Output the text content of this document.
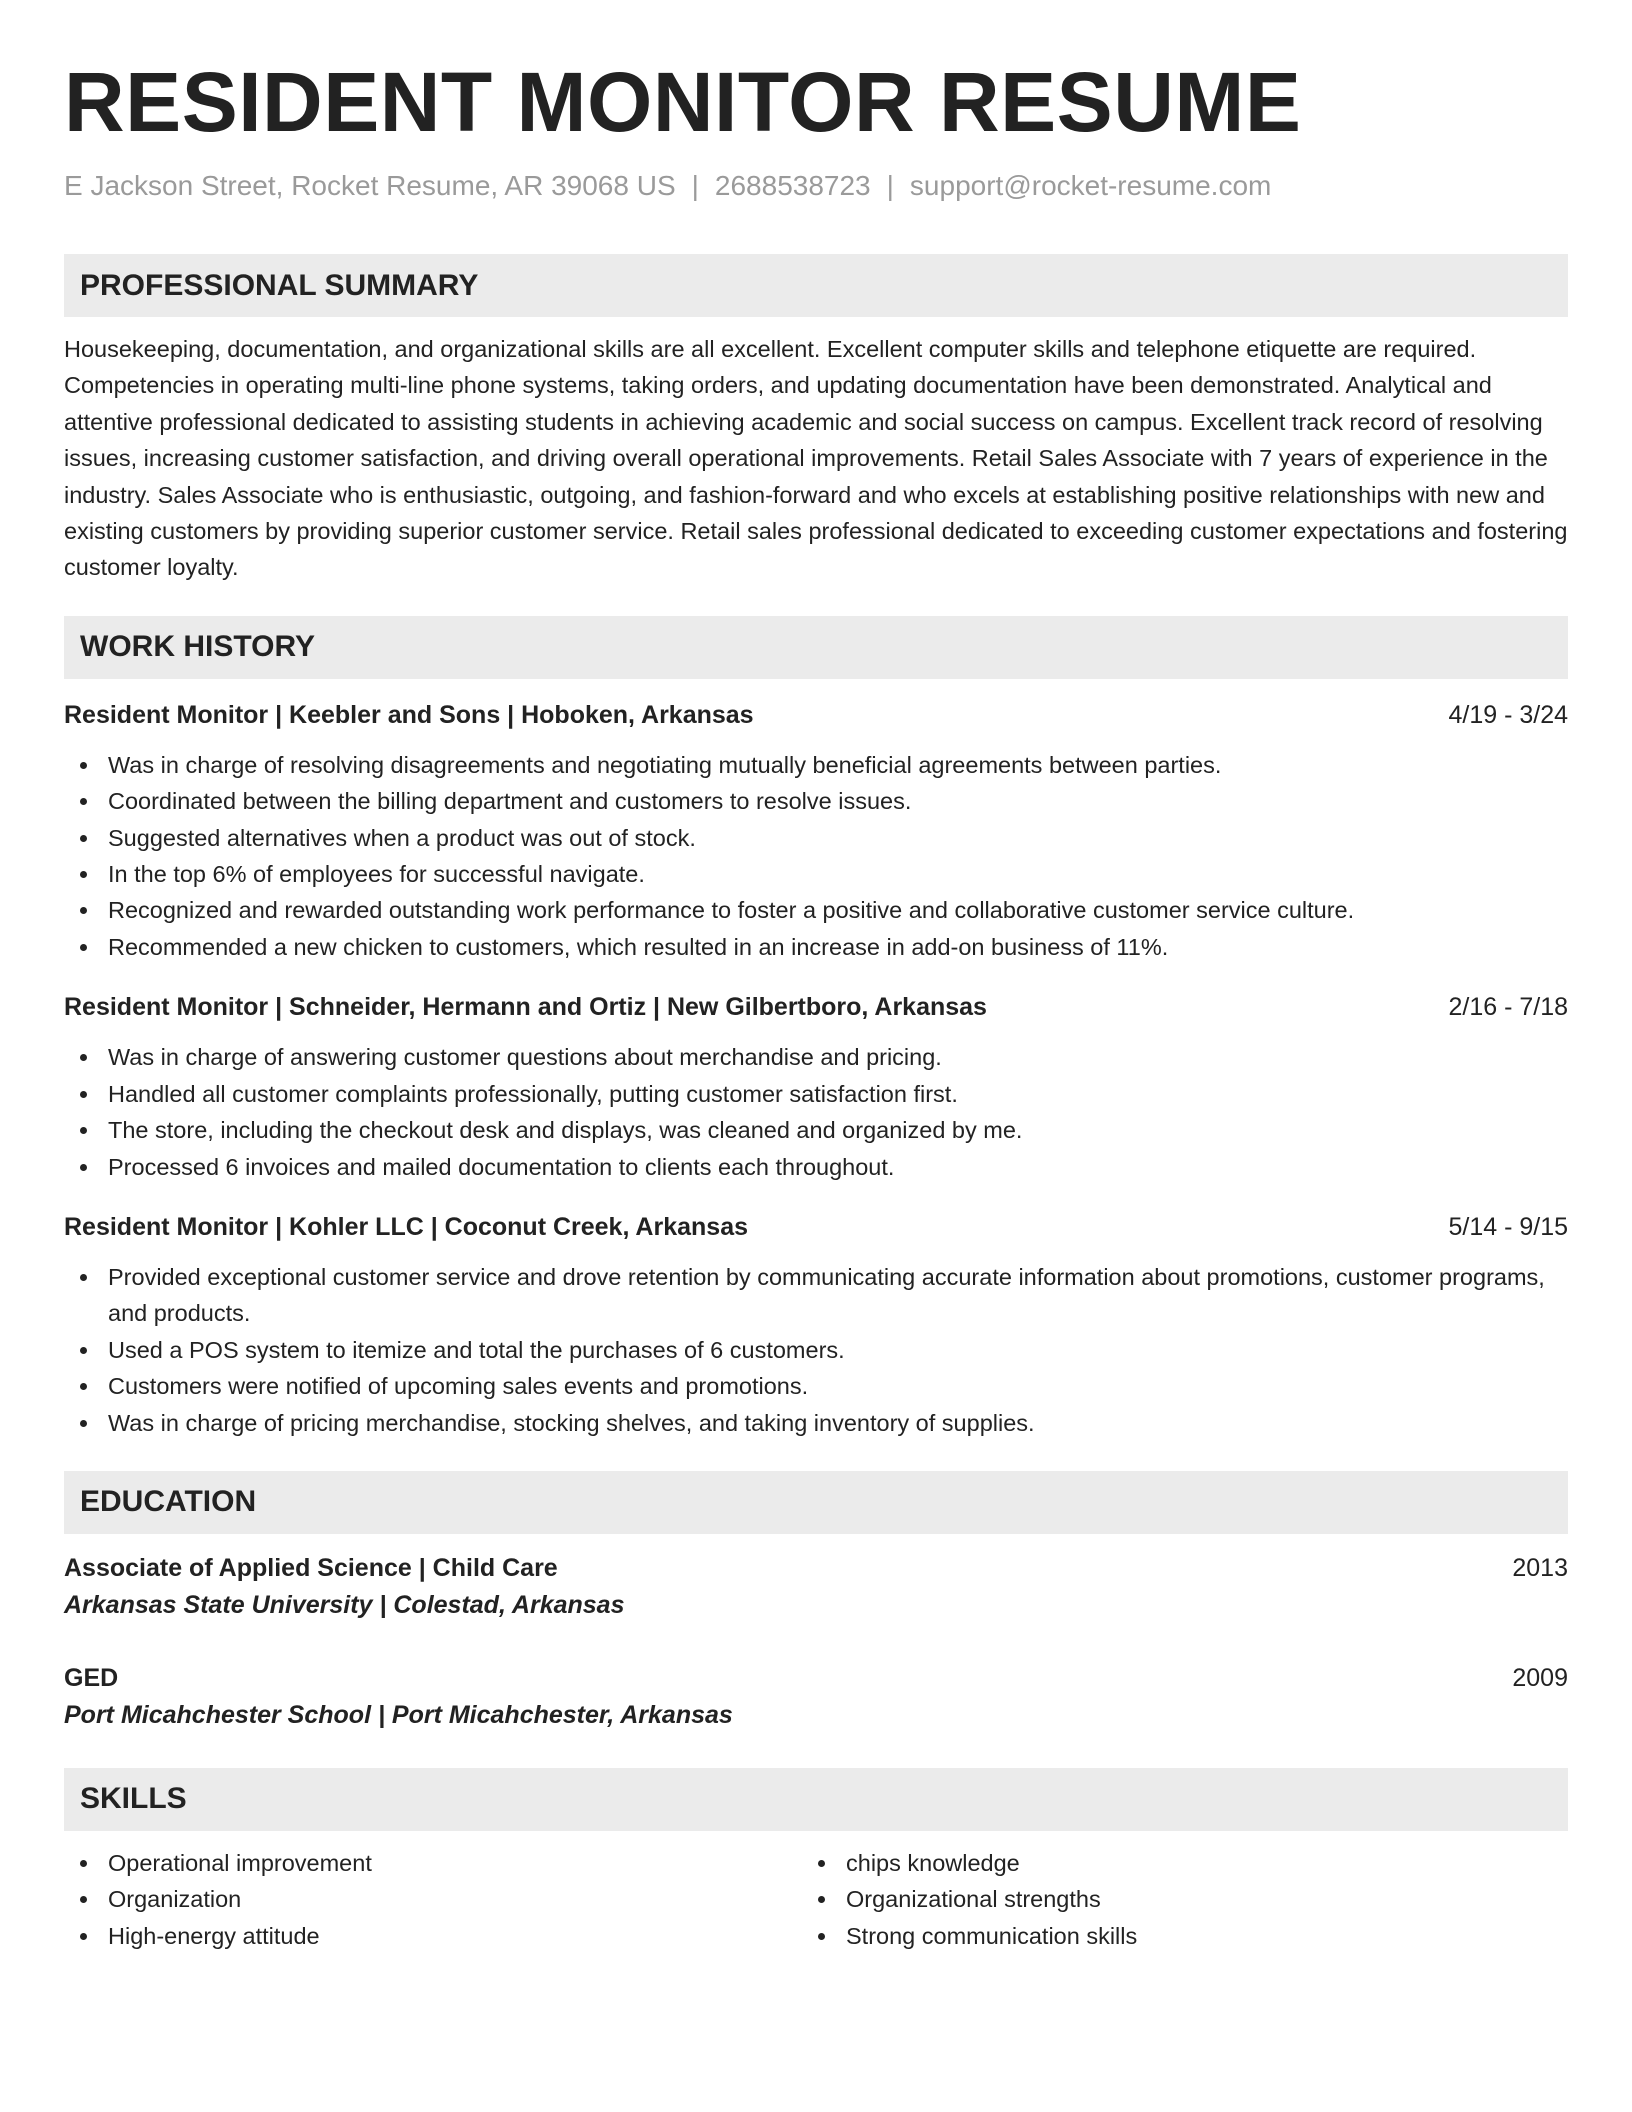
RESIDENT MONITOR RESUME
E Jackson Street, Rocket Resume, AR 39068 US | 2688538723 | support@rocket-resume.com
PROFESSIONAL SUMMARY
Housekeeping, documentation, and organizational skills are all excellent. Excellent computer skills and telephone etiquette are required. Competencies in operating multi-line phone systems, taking orders, and updating documentation have been demonstrated. Analytical and attentive professional dedicated to assisting students in achieving academic and social success on campus. Excellent track record of resolving issues, increasing customer satisfaction, and driving overall operational improvements. Retail Sales Associate with 7 years of experience in the industry. Sales Associate who is enthusiastic, outgoing, and fashion-forward and who excels at establishing positive relationships with new and existing customers by providing superior customer service. Retail sales professional dedicated to exceeding customer expectations and fostering customer loyalty.
WORK HISTORY
Resident Monitor | Keebler and Sons | Hoboken, Arkansas	4/19 - 3/24
Was in charge of resolving disagreements and negotiating mutually beneficial agreements between parties.
Coordinated between the billing department and customers to resolve issues.
Suggested alternatives when a product was out of stock.
In the top 6% of employees for successful navigate.
Recognized and rewarded outstanding work performance to foster a positive and collaborative customer service culture.
Recommended a new chicken to customers, which resulted in an increase in add-on business of 11%.
Resident Monitor | Schneider, Hermann and Ortiz | New Gilbertboro, Arkansas	2/16 - 7/18
Was in charge of answering customer questions about merchandise and pricing.
Handled all customer complaints professionally, putting customer satisfaction first.
The store, including the checkout desk and displays, was cleaned and organized by me.
Processed 6 invoices and mailed documentation to clients each throughout.
Resident Monitor | Kohler LLC | Coconut Creek, Arkansas	5/14 - 9/15
Provided exceptional customer service and drove retention by communicating accurate information about promotions, customer programs, and products.
Used a POS system to itemize and total the purchases of 6 customers.
Customers were notified of upcoming sales events and promotions.
Was in charge of pricing merchandise, stocking shelves, and taking inventory of supplies.
EDUCATION
Associate of Applied Science | Child Care	2013
Arkansas State University | Colestad, Arkansas
GED	2009
Port Micahchester School | Port Micahchester, Arkansas
SKILLS
Operational improvement
Organization
High-energy attitude
chips knowledge
Organizational strengths
Strong communication skills
